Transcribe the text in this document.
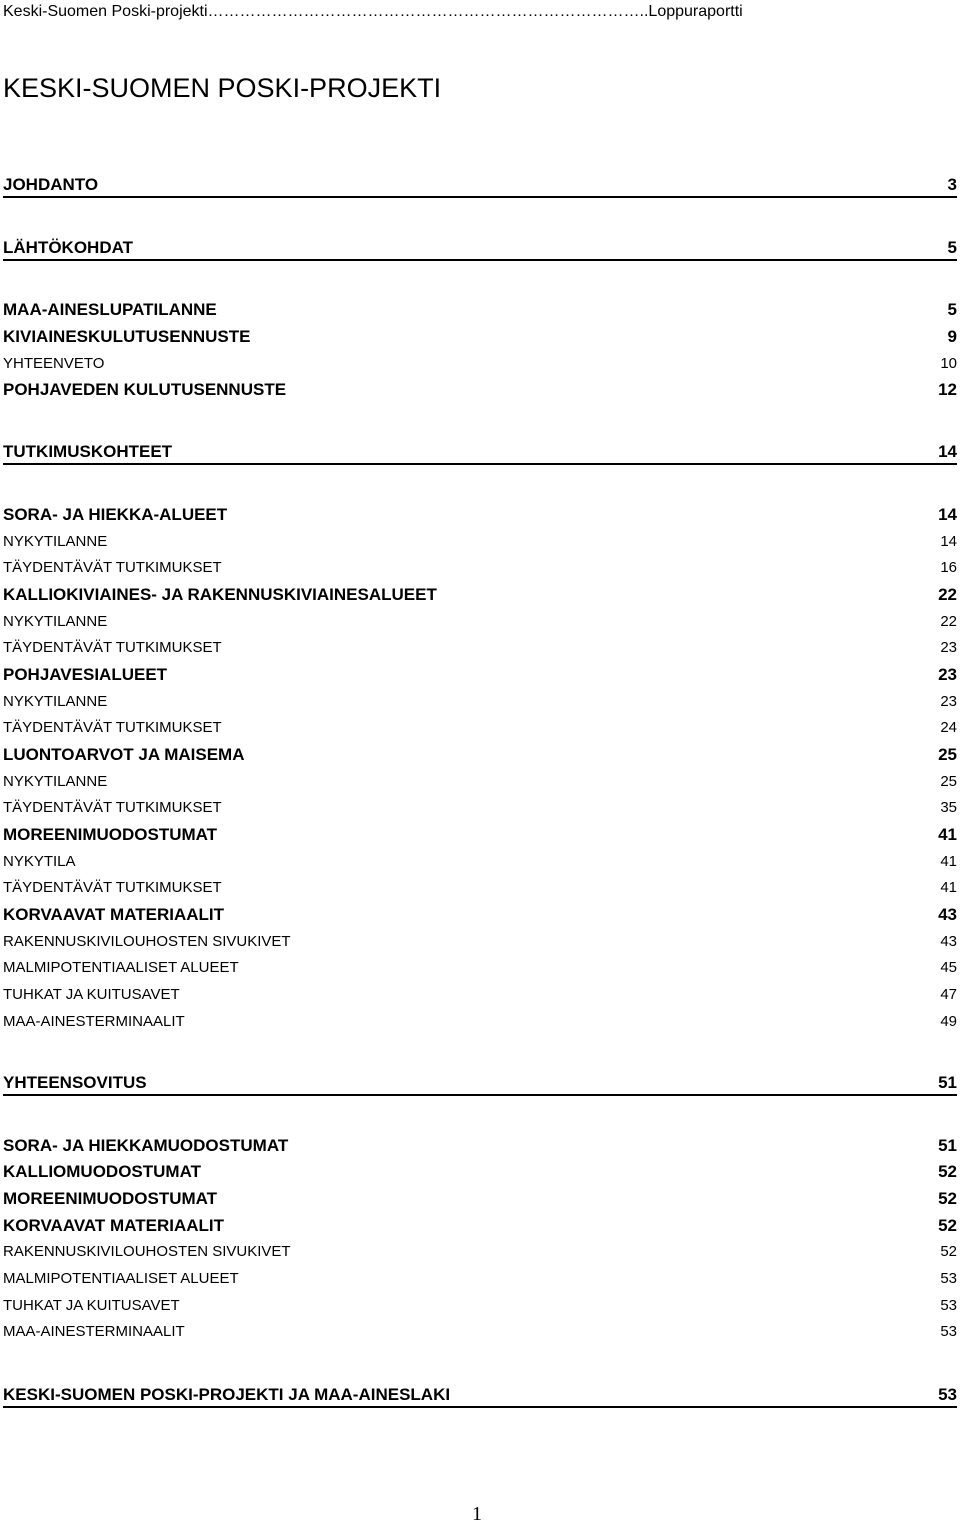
Keski-Suomen Poski-projekti………………………………………………………………………..Loppuraportti
KESKI-SUOMEN POSKI-PROJEKTI
JOHDANTO	3
LÄHTÖKOHDAT	5
MAA-AINESLUPATILANNE	5
KIVIAINESKULUTUSENNUSTE	9
YHTEENVETO	10
POHJAVEDEN KULUTUSENNUSTE	12
TUTKIMUSKOHTEET	14
SORA- JA HIEKKA-ALUEET	14
NYKYTILANNE	14
TÄYDENTÄVÄT TUTKIMUKSET	16
KALLIOKIVIAINES- JA RAKENNUSKIVIAINESALUEET	22
NYKYTILANNE	22
TÄYDENTÄVÄT TUTKIMUKSET	23
POHJAVESIALUEET	23
NYKYTILANNE	23
TÄYDENTÄVÄT TUTKIMUKSET	24
LUONTOARVOT JA MAISEMA	25
NYKYTILANNE	25
TÄYDENTÄVÄT TUTKIMUKSET	35
MOREENIMUODOSTUMAT	41
NYKYTILA	41
TÄYDENTÄVÄT TUTKIMUKSET	41
KORVAAVAT MATERIAALIT	43
RAKENNUSKIVILOUHOSTEN SIVUKIVET	43
MALMIPOTENTIAALISET ALUEET	45
TUHKAT JA KUITUSAVET	47
MAA-AINESTERMINAALIT	49
YHTEENSOVITUS	51
SORA- JA HIEKKAMUODOSTUMAT	51
KALLIOMUODOSTUMAT	52
MOREENIMUODOSTUMAT	52
KORVAAVAT MATERIAALIT	52
RAKENNUSKIVILOUHOSTEN SIVUKIVET	52
MALMIPOTENTIAALISET ALUEET	53
TUHKAT JA KUITUSAVET	53
MAA-AINESTERMINAALIT	53
KESKI-SUOMEN POSKI-PROJEKTI JA MAA-AINESLAKI	53
1
